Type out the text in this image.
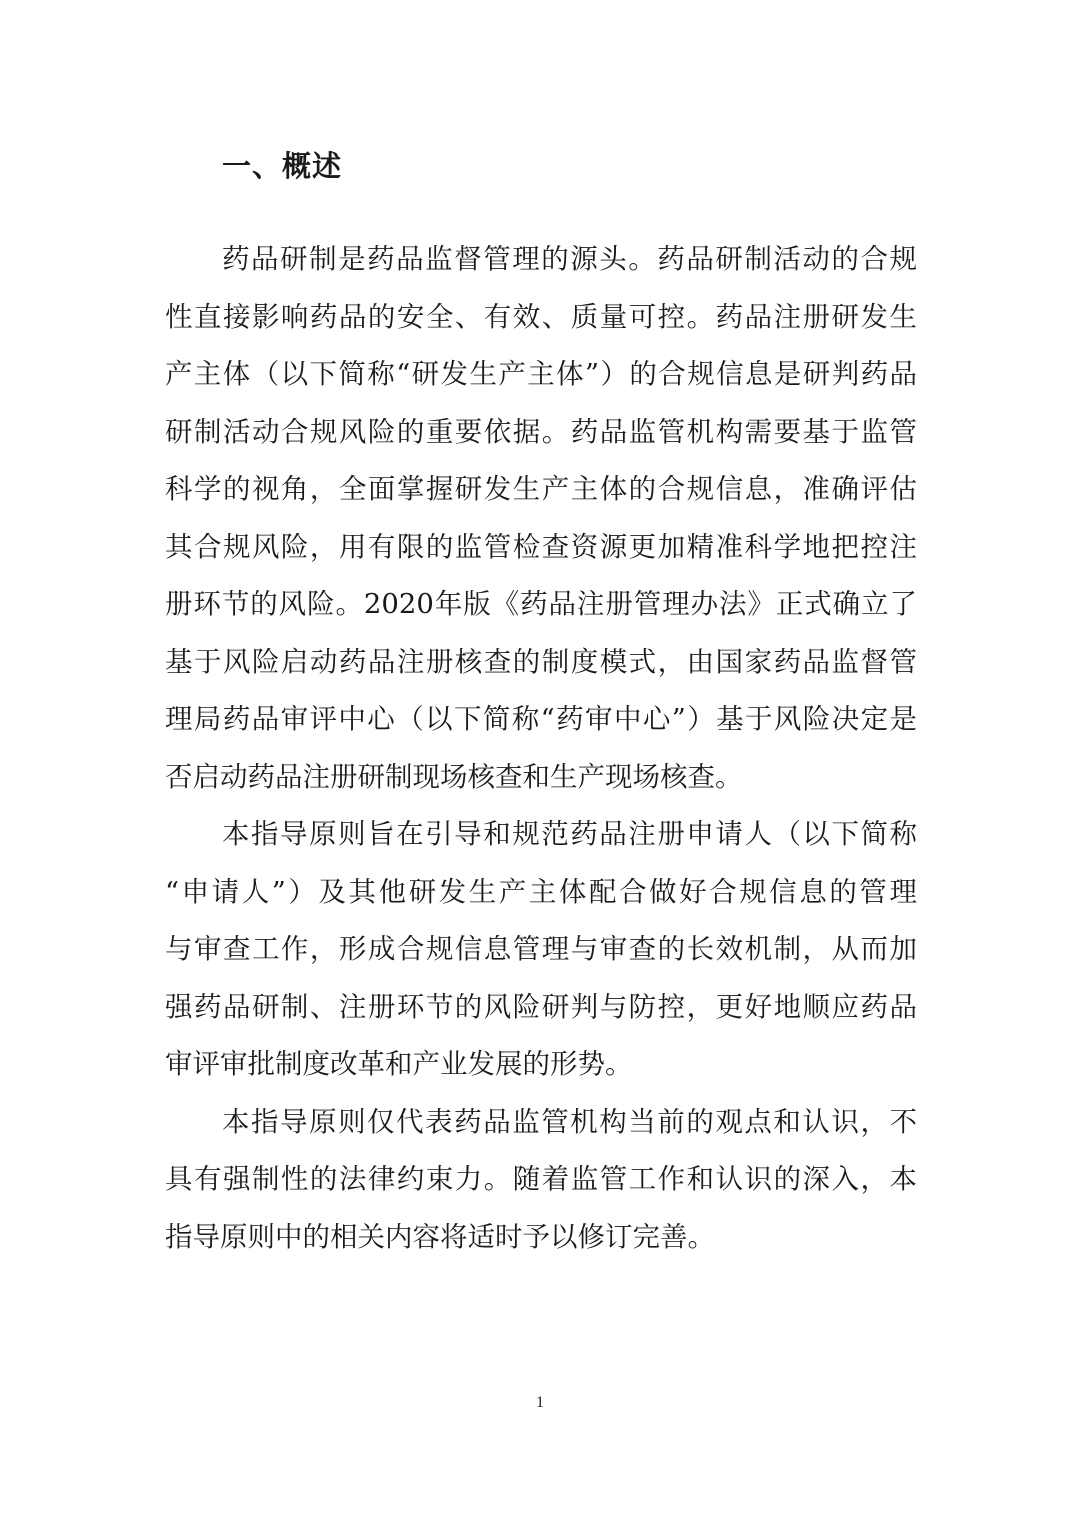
一、概述
药品研制是药品监督管理的源头。药品研制活动的合规
性直接影响药品的安全、有效、质量可控。药品注册研发生
产主体（以下简称“研发生产主体”）的合规信息是研判药品
研制活动合规风险的重要依据。药品监管机构需要基于监管
科学的视角，全面掌握研发生产主体的合规信息，准确评估
其合规风险，用有限的监管检查资源更加精准科学地把控注
册环节的风险。2020年版《药品注册管理办法》正式确立了
基于风险启动药品注册核查的制度模式，由国家药品监督管
理局药品审评中心（以下简称“药审中心”）基于风险决定是
否启动药品注册研制现场核查和生产现场核查。
本指导原则旨在引导和规范药品注册申请人（以下简称
“申请人”）及其他研发生产主体配合做好合规信息的管理
与审查工作，形成合规信息管理与审查的长效机制，从而加
强药品研制、注册环节的风险研判与防控，更好地顺应药品
审评审批制度改革和产业发展的形势。
本指导原则仅代表药品监管机构当前的观点和认识，不
具有强制性的法律约束力。随着监管工作和认识的深入，本
指导原则中的相关内容将适时予以修订完善。
1
